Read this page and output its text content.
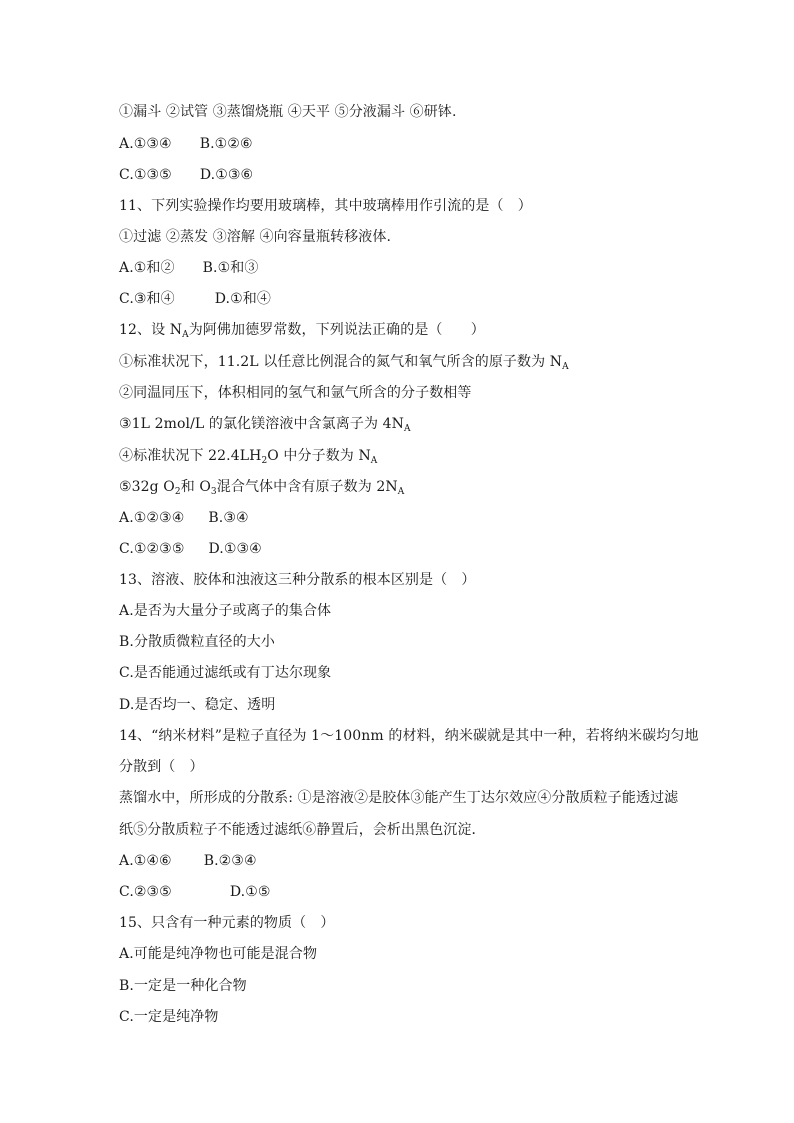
①漏斗 ②试管 ③蒸馏烧瓶 ④天平 ⑤分液漏斗 ⑥研钵.
A.①③④ B.①②⑥
C.①③⑤ D.①③⑥
11、下列实验操作均要用玻璃棒，其中玻璃棒用作引流的是（　）
①过滤 ②蒸发 ③溶解 ④向容量瓶转移液体.
A.①和② B.①和③
C.③和④	D.①和④
12、设 $N_A$为阿佛加德罗常数，下列说法正确的是（　　）
①标准状况下，11.2L 以任意比例混合的氮气和氧气所含的原子数为 $N_A$
②同温同压下，体积相同的氢气和氩气所含的分子数相等
③1L 2mol/L 的氯化镁溶液中含氯离子为 $4N_A$
④标准状况下 $22.4LH_2O$ 中分子数为 $N_A$
⑤32g $O_2$和 $O_3$混合气体中含有原子数为 $2N_A$
A.①②③④ B.③④
C.①②③⑤ D.①③④
13、溶液、胶体和浊液这三种分散系的根本区别是（　）
A.是否为大量分子或离子的集合体
B.分散质微粒直径的大小
C.是否能通过滤纸或有丁达尔现象
D.是否均一、稳定、透明
14、“纳米材料”是粒子直径为 1～100nm 的材料，纳米碳就是其中一种，若将纳米碳均匀地
分散到（　）
蒸馏水中，所形成的分散系: ①是溶液②是胶体③能产生丁达尔效应④分散质粒子能透过滤
纸⑤分散质粒子不能透过滤纸⑥静置后，会析出黑色沉淀．
A.①④⑥ B.②③④
C.②③⑤	D.①⑤
15、只含有一种元素的物质（　）
A.可能是纯净物也可能是混合物
B.一定是一种化合物
C.一定是纯净物
